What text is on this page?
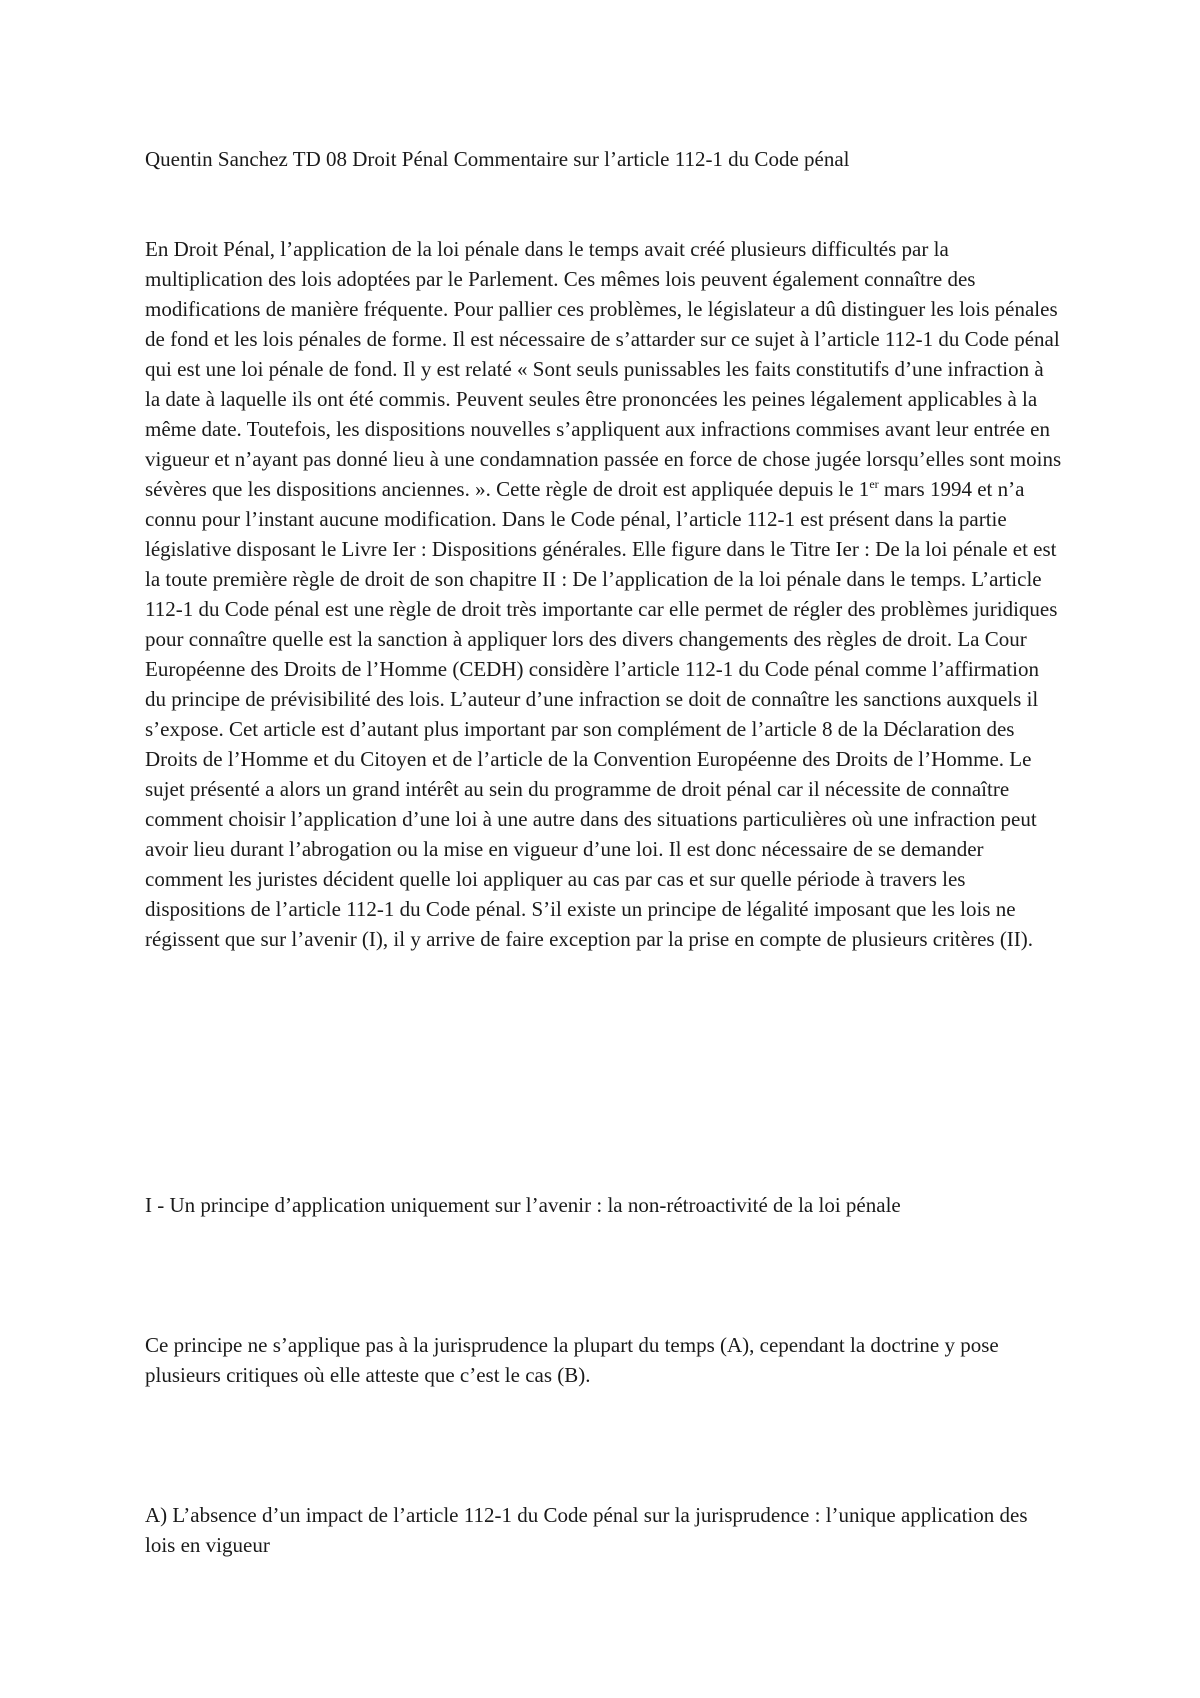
Quentin Sanchez TD 08 Droit Pénal Commentaire sur l’article 112-1 du Code pénal

En Droit Pénal, l’application de la loi pénale dans le temps avait créé plusieurs difficultés par la multiplication des lois adoptées par le Parlement. Ces mêmes lois peuvent également connaître des modifications de manière fréquente. Pour pallier ces problèmes, le législateur a dû distinguer les lois pénales de fond et les lois pénales de forme. Il est nécessaire de s’attarder sur ce sujet à l’article 112-1 du Code pénal qui est une loi pénale de fond. Il y est relaté « Sont seuls punissables les faits constitutifs d’une infraction à la date à laquelle ils ont été commis. Peuvent seules être prononcées les peines légalement applicables à la même date. Toutefois, les dispositions nouvelles s’appliquent aux infractions commises avant leur entrée en vigueur et n’ayant pas donné lieu à une condamnation passée en force de chose jugée lorsqu’elles sont moins sévères que les dispositions anciennes. ». Cette règle de droit est appliquée depuis le 1er mars 1994 et n’a connu pour l’instant aucune modification. Dans le Code pénal, l’article 112-1 est présent dans la partie législative disposant le Livre Ier : Dispositions générales. Elle figure dans le Titre Ier : De la loi pénale et est la toute première règle de droit de son chapitre II : De l’application de la loi pénale dans le temps. L’article 112-1 du Code pénal est une règle de droit très importante car elle permet de régler des problèmes juridiques pour connaître quelle est la sanction à appliquer lors des divers changements des règles de droit. La Cour Européenne des Droits de l’Homme (CEDH) considère l’article 112-1 du Code pénal comme l’affirmation du principe de prévisibilité des lois. L’auteur d’une infraction se doit de connaître les sanctions auxquels il s’expose. Cet article est d’autant plus important par son complément de l’article 8 de la Déclaration des Droits de l’Homme et du Citoyen et de l’article de la Convention Européenne des Droits de l’Homme. Le sujet présenté a alors un grand intérêt au sein du programme de droit pénal car il nécessite de connaître comment choisir l’application d’une loi à une autre dans des situations particulières où une infraction peut avoir lieu durant l’abrogation ou la mise en vigueur d’une loi. Il est donc nécessaire de se demander comment les juristes décident quelle loi appliquer au cas par cas et sur quelle période à travers les dispositions de l’article 112-1 du Code pénal. S’il existe un principe de légalité imposant que les lois ne régissent que sur l’avenir (I), il y arrive de faire exception par la prise en compte de plusieurs critères (II).

I - Un principe d’application uniquement sur l’avenir : la non-rétroactivité de la loi pénale

Ce principe ne s’applique pas à la jurisprudence la plupart du temps (A), cependant la doctrine y pose plusieurs critiques où elle atteste que c’est le cas (B).

A) L’absence d’un impact de l’article 112-1 du Code pénal sur la jurisprudence : l’unique application des lois en vigueur
